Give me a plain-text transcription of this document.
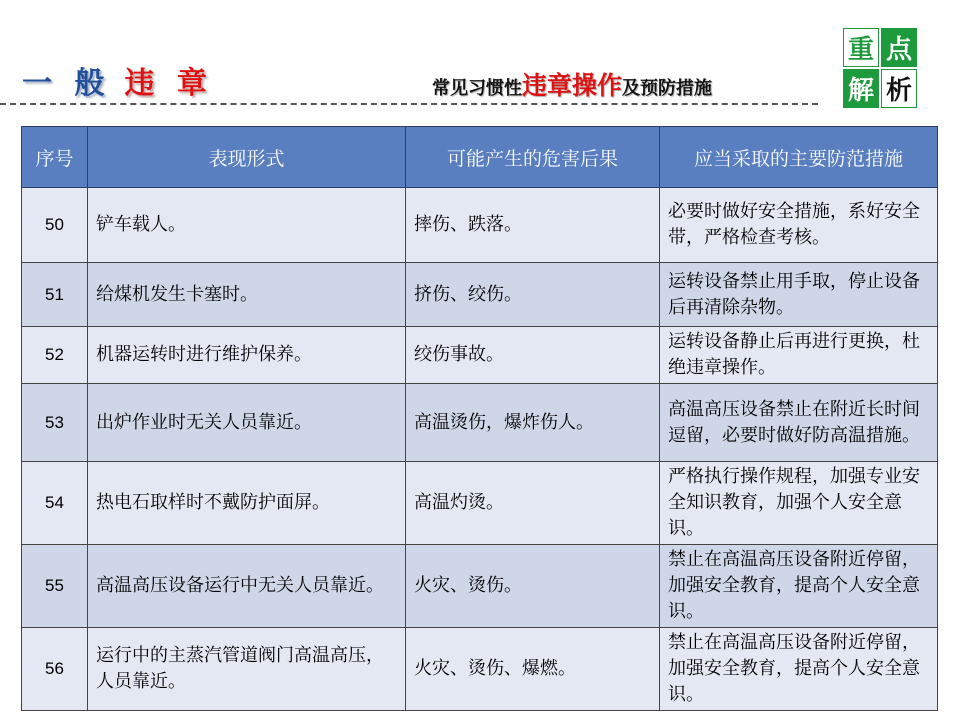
一 般 违 章	常见习惯性违章操作及预防措施
重 点
解 析
序号	表现形式	可能产生的危害后果	应当采取的主要防范措施
50	铲车载人。	摔伤、跌落。	必要时做好安全措施，系好安全带，严格检查考核。
51	给煤机发生卡塞时。	挤伤、绞伤。	运转设备禁止用手取，停止设备后再清除杂物。
52	机器运转时进行维护保养。	绞伤事故。	运转设备静止后再进行更换，杜绝违章操作。
53	出炉作业时无关人员靠近。	高温烫伤，爆炸伤人。	高温高压设备禁止在附近长时间逗留，必要时做好防高温措施。
54	热电石取样时不戴防护面屏。	高温灼烫。	严格执行操作规程，加强专业安全知识教育，加强个人安全意识。
55	高温高压设备运行中无关人员靠近。	火灾、烫伤。	禁止在高温高压设备附近停留，加强安全教育，提高个人安全意识。
56	运行中的主蒸汽管道阀门高温高压，人员靠近。	火灾、烫伤、爆燃。	禁止在高温高压设备附近停留，加强安全教育，提高个人安全意识。
